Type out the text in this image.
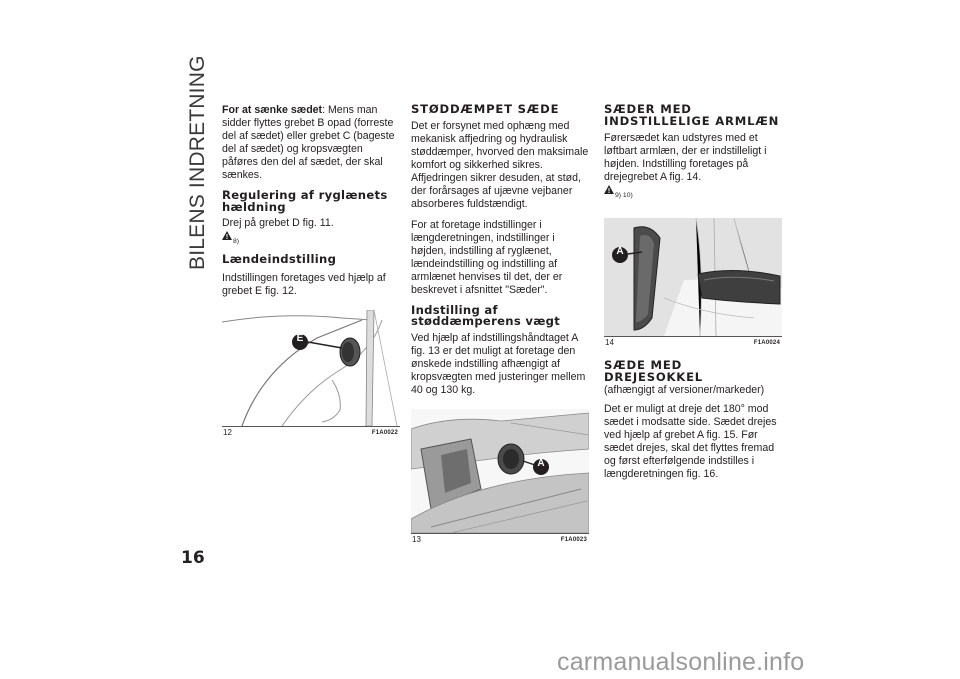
BILENS INDRETNING
16

For at sænke sædet: Mens man sidder flyttes grebet B opad (forreste del af sædet) eller grebet C (bageste del af sædet) og kropsvægten påføres den del af sædet, der skal sænkes.

Regulering af ryglænets hældning

Drej på grebet D fig. 11.

8)
Lændeindstilling

Indstillingen foretages ved hjælp af grebet E fig. 12.

E
12	F1A0022
STØDDÆMPET SÆDE

Det er forsynet med ophæng med mekanisk affjedring og hydraulisk støddæmper, hvorved den maksimale komfort og sikkerhed sikres. Affjedringen sikrer desuden, at stød, der forårsages af ujævne vejbaner absorberes fuldstændigt.

For at foretage indstillinger i længderetningen, indstillinger i højden, indstilling af ryglænet, lændeindstilling og indstilling af armlænet henvises til det, der er beskrevet i afsnittet "Sæder".

Indstilling af støddæmperens vægt

Ved hjælp af indstillingshåndtaget A fig. 13 er det muligt at foretage den ønskede indstilling afhængigt af kropsvægten med justeringer mellem 40 og 130 kg.

A
13	F1A0023
SÆDER MED INDSTILLELIGE ARMLÆN

Førersædet kan udstyres med et løftbart armlæn, der er indstilleligt i højden. Indstilling foretages på drejegrebet A fig. 14.

9) 10)
A
14	F1A0024
SÆDE MED DREJESOKKEL

(afhængigt af versioner/markeder)

Det er muligt at dreje det 180° mod sædet i modsatte side. Sædet drejes ved hjælp af grebet A fig. 15. Før sædet drejes, skal det flyttes fremad og først efterfølgende indstilles i længderetningen fig. 16.

carmanualsonline.info
